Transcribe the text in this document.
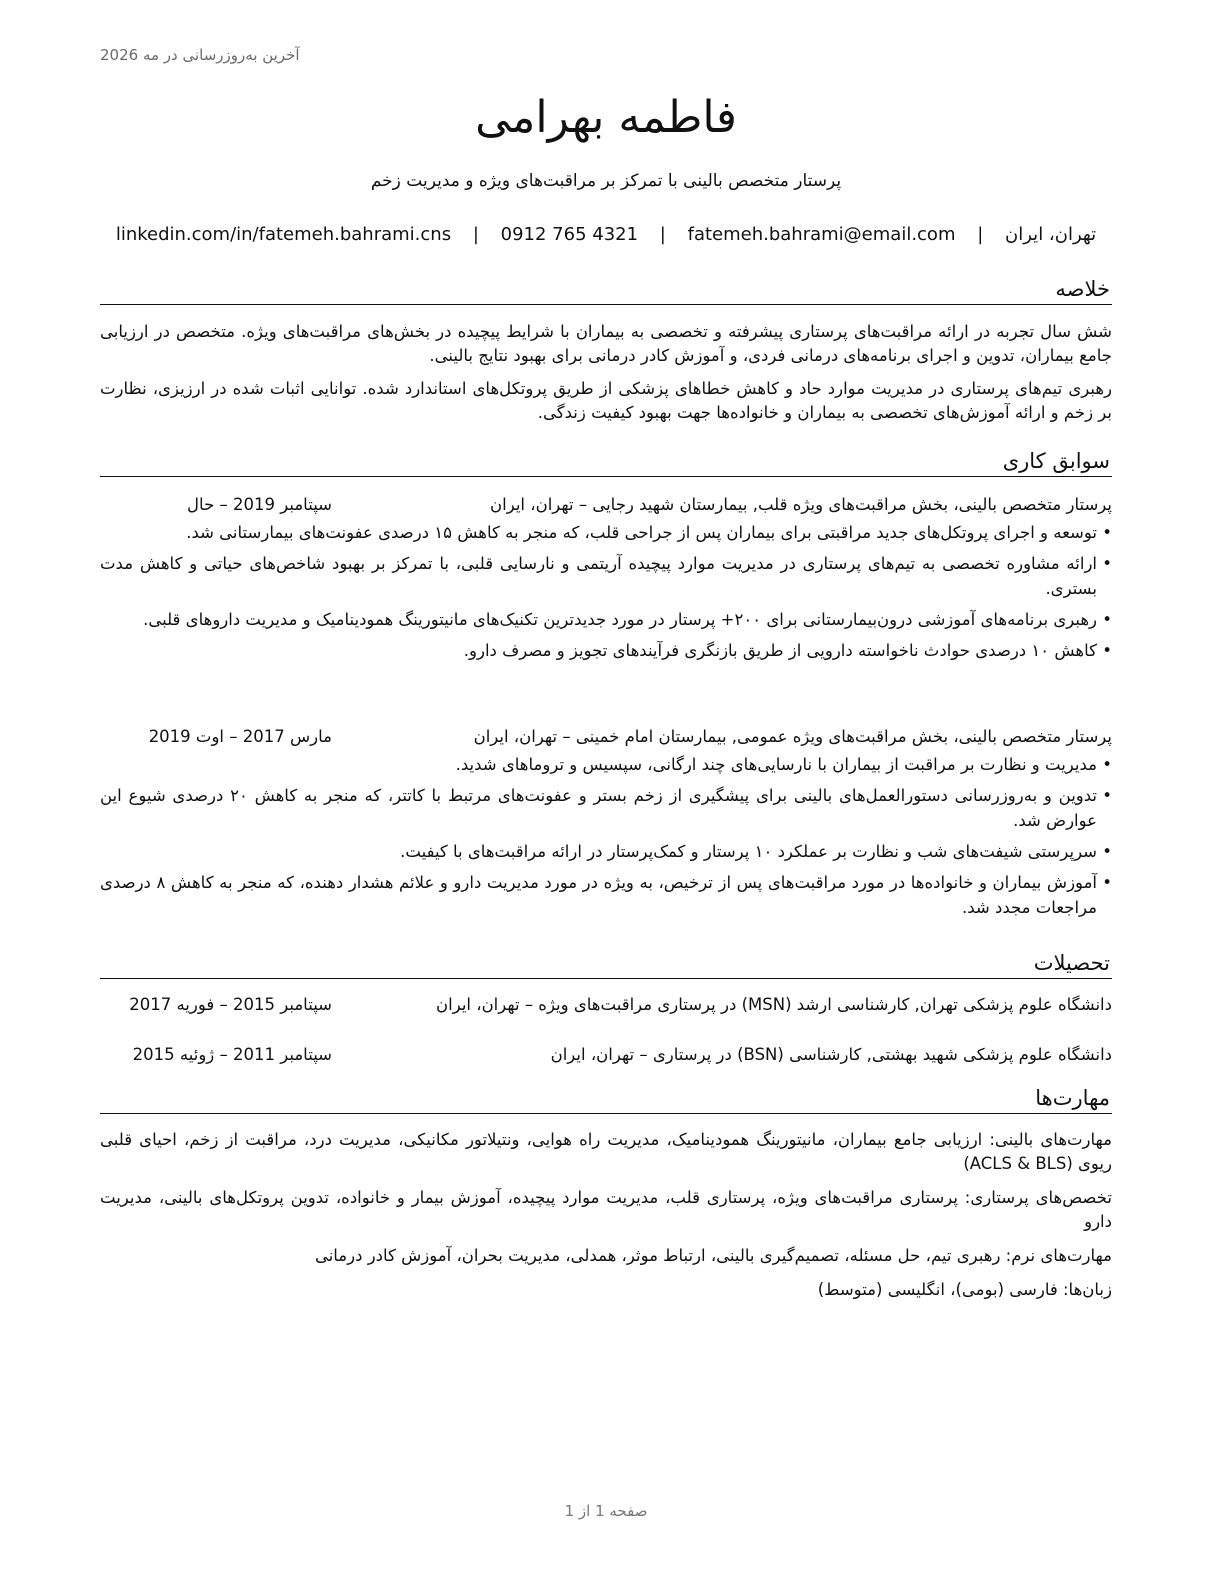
آخرین به‌روزرسانی در مه 2026
فاطمه بهرامی
پرستار متخصص بالینی با تمرکز بر مراقبت‌های ویژه و مدیریت زخم
تهران، ایران | fatemeh.bahrami@email.com | 0912 765 4321 | linkedin.com/in/fatemeh.bahrami.cns
خلاصه

شش سال تجربه در ارائه مراقبت‌های پرستاری پیشرفته و تخصصی به بیماران با شرایط پیچیده در بخش‌های مراقبت‌های ویژه. متخصص در ارزیابی جامع بیماران، تدوین و اجرای برنامه‌های درمانی فردی، و آموزش کادر درمانی برای بهبود نتایج بالینی.

رهبری تیم‌های پرستاری در مدیریت موارد حاد و کاهش خطاهای پزشکی از طریق پروتکل‌های استاندارد شده. توانایی اثبات شده در ارزیزی، نظارت بر زخم و ارائه آموزش‌های تخصصی به بیماران و خانواده‌ها جهت بهبود کیفیت زندگی.

سوابق کاری
پرستار متخصص بالینی، بخش مراقبت‌های ویژه قلب, بیمارستان شهید رجایی – تهران، ایران
سپتامبر 2019 – حال
•
توسعه و اجرای پروتکل‌های جدید مراقبتی برای بیماران پس از جراحی قلب، که منجر به کاهش ۱۵ درصدی عفونت‌های بیمارستانی شد.
•
ارائه مشاوره تخصصی به تیم‌های پرستاری در مدیریت موارد پیچیده آریتمی و نارسایی قلبی، با تمرکز بر بهبود شاخص‌های حیاتی و کاهش مدت بستری.
•
رهبری برنامه‌های آموزشی درون‌بیمارستانی برای ۲۰۰+ پرستار در مورد جدیدترین تکنیک‌های مانیتورینگ همودینامیک و مدیریت داروهای قلبی.
•
کاهش ۱۰ درصدی حوادث ناخواسته دارویی از طریق بازنگری فرآیندهای تجویز و مصرف دارو.
پرستار متخصص بالینی، بخش مراقبت‌های ویژه عمومی, بیمارستان امام خمینی – تهران، ایران
مارس 2017 – اوت 2019
•
مدیریت و نظارت بر مراقبت از بیماران با نارسایی‌های چند ارگانی، سپسیس و تروماهای شدید.
•
تدوین و به‌روزرسانی دستورالعمل‌های بالینی برای پیشگیری از زخم بستر و عفونت‌های مرتبط با کاتتر، که منجر به کاهش ۲۰ درصدی شیوع این عوارض شد.
•
سرپرستی شیفت‌های شب و نظارت بر عملکرد ۱۰ پرستار و کمک‌پرستار در ارائه مراقبت‌های با کیفیت.
•
آموزش بیماران و خانواده‌ها در مورد مراقبت‌های پس از ترخیص، به ویژه در مورد مدیریت دارو و علائم هشدار دهنده، که منجر به کاهش ۸ درصدی مراجعات مجدد شد.
تحصیلات
دانشگاه علوم پزشکی تهران, کارشناسی ارشد (MSN) در پرستاری مراقبت‌های ویژه – تهران، ایران
سپتامبر 2015 – فوریه 2017
دانشگاه علوم پزشکی شهید بهشتی, کارشناسی (BSN) در پرستاری – تهران، ایران
سپتامبر 2011 – ژوئیه 2015
مهارت‌ها

مهارت‌های بالینی: ارزیابی جامع بیماران، مانیتورینگ همودینامیک، مدیریت راه هوایی، ونتیلاتور مکانیکی، مدیریت درد، مراقبت از زخم، احیای قلبی ریوی (ACLS & BLS)

تخصص‌های پرستاری: پرستاری مراقبت‌های ویژه، پرستاری قلب، مدیریت موارد پیچیده، آموزش بیمار و خانواده، تدوین پروتکل‌های بالینی، مدیریت دارو

مهارت‌های نرم: رهبری تیم، حل مسئله، تصمیم‌گیری بالینی، ارتباط موثر، همدلی، مدیریت بحران، آموزش کادر درمانی

زبان‌ها: فارسی (بومی)، انگلیسی (متوسط)

صفحه 1 از 1
